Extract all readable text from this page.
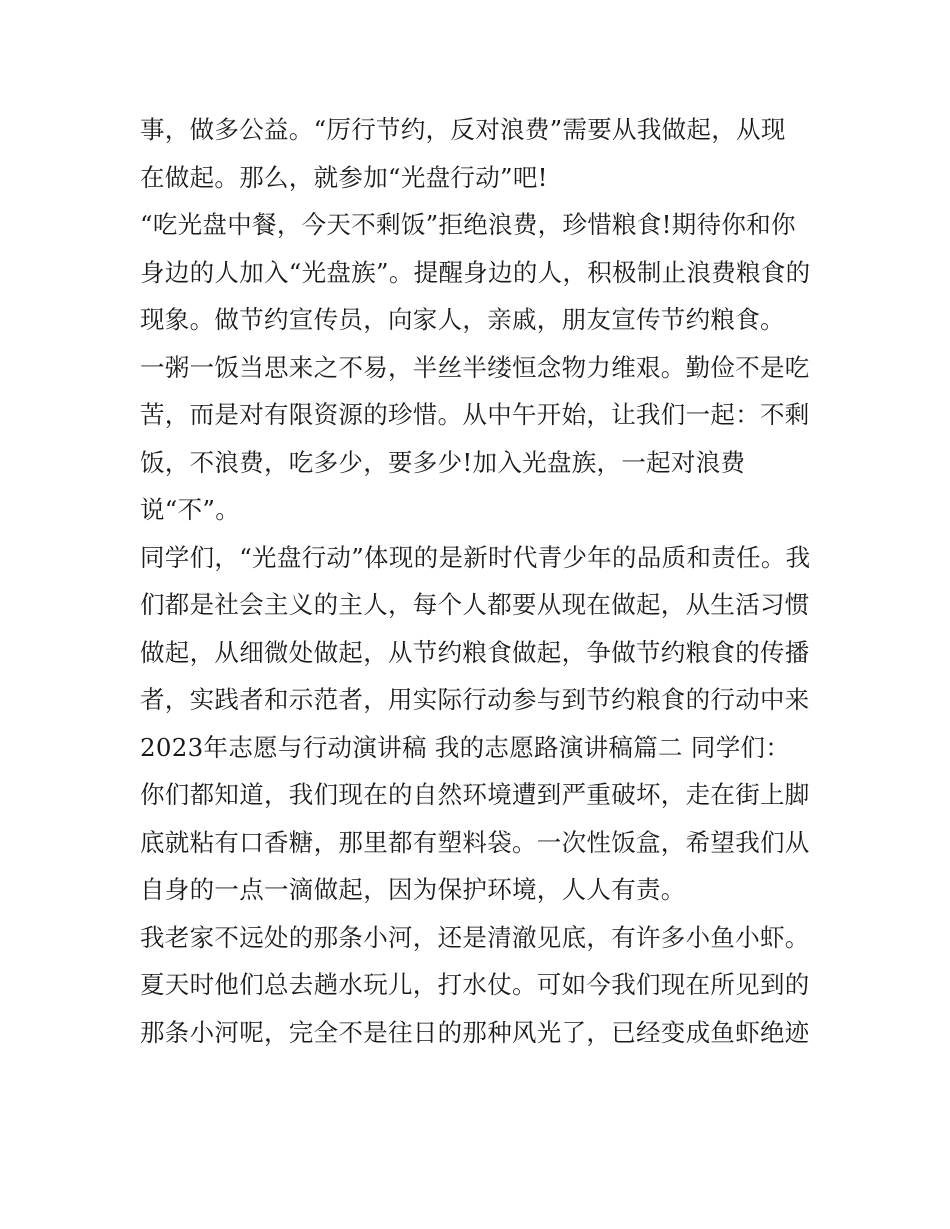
事，做多公益。“厉行节约，反对浪费”需要从我做起，从现
在做起。那么，就参加“光盘行动”吧!
“吃光盘中餐，今天不剩饭”拒绝浪费，珍惜粮食!期待你和你
身边的人加入“光盘族”。提醒身边的人，积极制止浪费粮食的
现象。做节约宣传员，向家人，亲戚，朋友宣传节约粮食。
一粥一饭当思来之不易，半丝半缕恒念物力维艰。勤俭不是吃
苦，而是对有限资源的珍惜。从中午开始，让我们一起：不剩
饭，不浪费，吃多少，要多少!加入光盘族，一起对浪费
说“不”。
同学们，“光盘行动”体现的是新时代青少年的品质和责任。我
们都是社会主义的主人，每个人都要从现在做起，从生活习惯
做起，从细微处做起，从节约粮食做起，争做节约粮食的传播
者，实践者和示范者，用实际行动参与到节约粮食的行动中来
2023年志愿与行动演讲稿 我的志愿路演讲稿篇二 同学们：
你们都知道，我们现在的自然环境遭到严重破坏，走在街上脚
底就粘有口香糖，那里都有塑料袋。一次性饭盒，希望我们从
自身的一点一滴做起，因为保护环境，人人有责。
我老家不远处的那条小河，还是清澈见底，有许多小鱼小虾。
夏天时他们总去趟水玩儿，打水仗。可如今我们现在所见到的
那条小河呢，完全不是往日的那种风光了，已经变成鱼虾绝迹
